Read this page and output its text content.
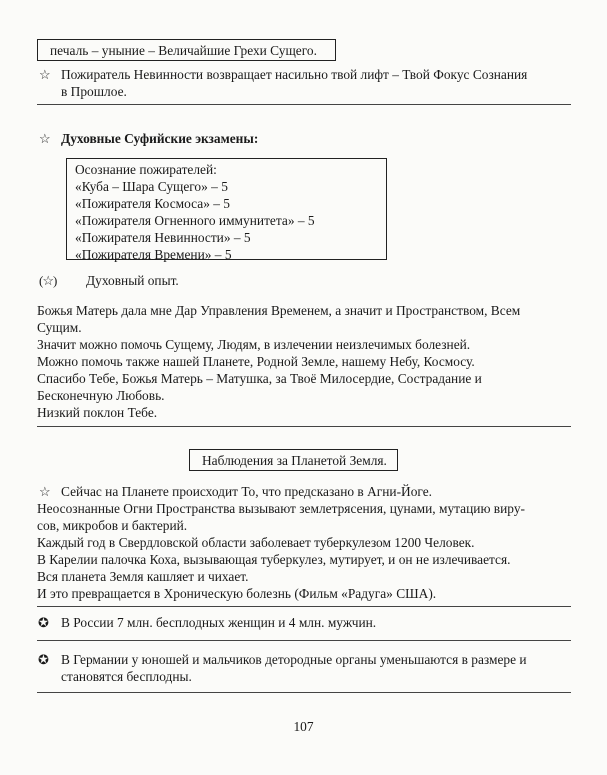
печаль – уныние – Величайшие Грехи Сущего.
☆ Пожиратель Невинности возвращает насильно твой лифт – Твой Фокус Сознания
в Прошлое.
☆ Духовные Суфийские экзамены:
Осознание пожирателей:
«Куба – Шара Сущего» – 5
«Пожирателя Космоса» – 5
«Пожирателя Огненного иммунитета» – 5
«Пожирателя Невинности» – 5
«Пожирателя Времени» – 5
(☆) Духовный опыт.
Божья Матерь дала мне Дар Управления Временем, а значит и Пространством, Всем
Сущим.
Значит можно помочь Сущему, Людям, в излечении неизлечимых болезней.
Можно помочь также нашей Планете, Родной Земле, нашему Небу, Космосу.
Спасибо Тебе, Божья Матерь – Матушка, за Твоё Милосердие, Сострадание и
Бесконечную Любовь.
Низкий поклон Тебе.
Наблюдения за Планетой Земля.
☆ Сейчас на Планете происходит То, что предсказано в Агни-Йоге.
Неосознанные Огни Пространства вызывают землетрясения, цунами, мутацию виру-
сов, микробов и бактерий.
Каждый год в Свердловской области заболевает туберкулезом 1200 Человек.
В Карелии палочка Коха, вызывающая туберкулез, мутирует, и он не излечивается.
Вся планета Земля кашляет и чихает.
И это превращается в Хроническую болезнь (Фильм «Радуга» США).
✪ В России 7 млн. бесплодных женщин и 4 млн. мужчин.
✪ В Германии у юношей и мальчиков детородные органы уменьшаются в размере и
становятся бесплодны.
107
